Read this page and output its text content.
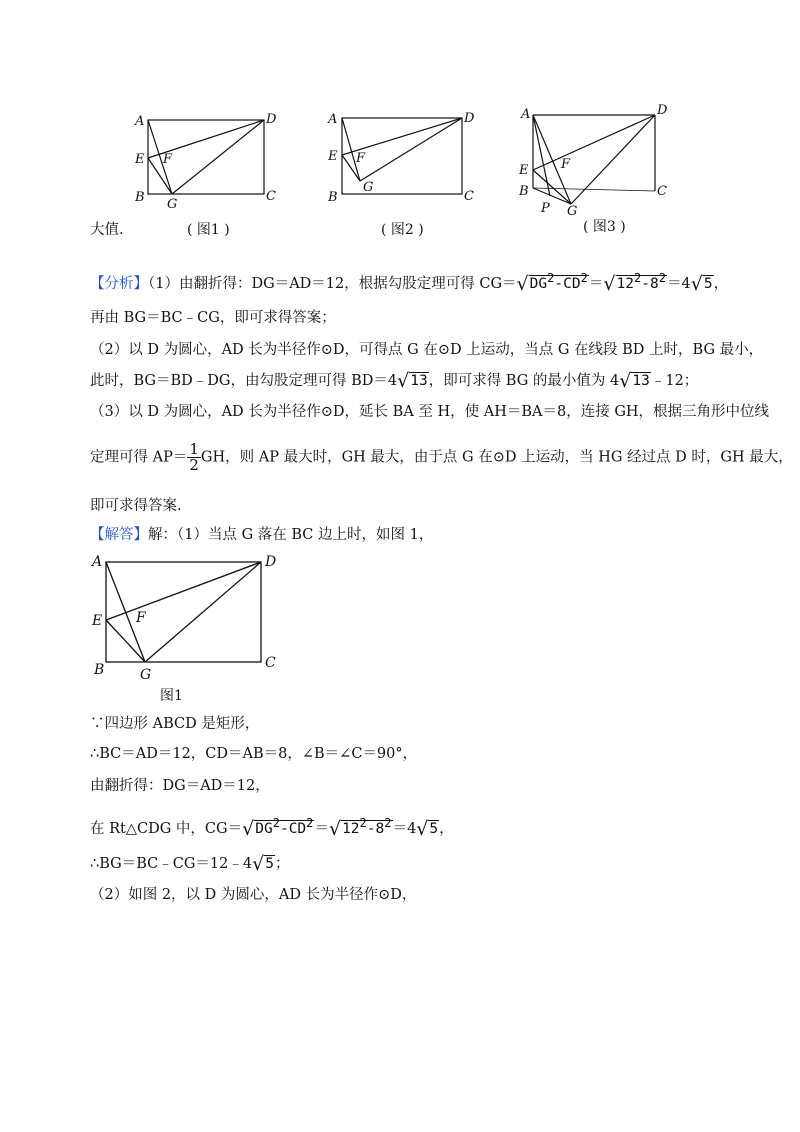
A	D
E F
B G
C
A	D
E F
G
B	C
A	D
E	F
B
P G
C
( 图1 )	( 图2 )	( 图3 )
大值.
【分析】（1）由翻折得：DG＝AD＝12，根据勾股定理可得 $CG=√DG^2-CD^2=√12^2-8^2=4√5$，
再由 BG＝BC﹣CG，即可求得答案；
（2）以 D 为圆心，AD 长为半径作⊙D，可得点 G 在⊙D 上运动，当点 G 在线段 BD 上时，BG 最小，
此时，BG＝BD﹣DG，由勾股定理可得 BD＝4√13，即可求得 BG 的最小值为 4√13﹣12；
（3）以 D 为圆心，AD 长为半径作⊙D，延长 BA 至 H，使 AH＝BA＝8，连接 GH，根据三角形中位线
定理可得 $AP= \frac{1}{2}$ GH，则 AP 最大时，GH 最大，由于点 G 在⊙D 上运动，当 HG 经过点 D 时，GH 最大，
即可求得答案.
【解答】解：（1）当点 G 落在 BC 边上时，如图 1，
A	D
E F
B	G
C
图1
∵四边形 ABCD 是矩形，
∴BC＝AD＝12，CD＝AB＝8，∠B＝∠C＝90°，
由翻折得：DG＝AD＝12，
在 Rt△CDG 中，$CG=√DG^2-CD^2=√12^2-8^2=4√5$，
∴BG＝BC﹣CG＝12﹣4√5；
（2）如图 2，以 D 为圆心，AD 长为半径作⊙D，
